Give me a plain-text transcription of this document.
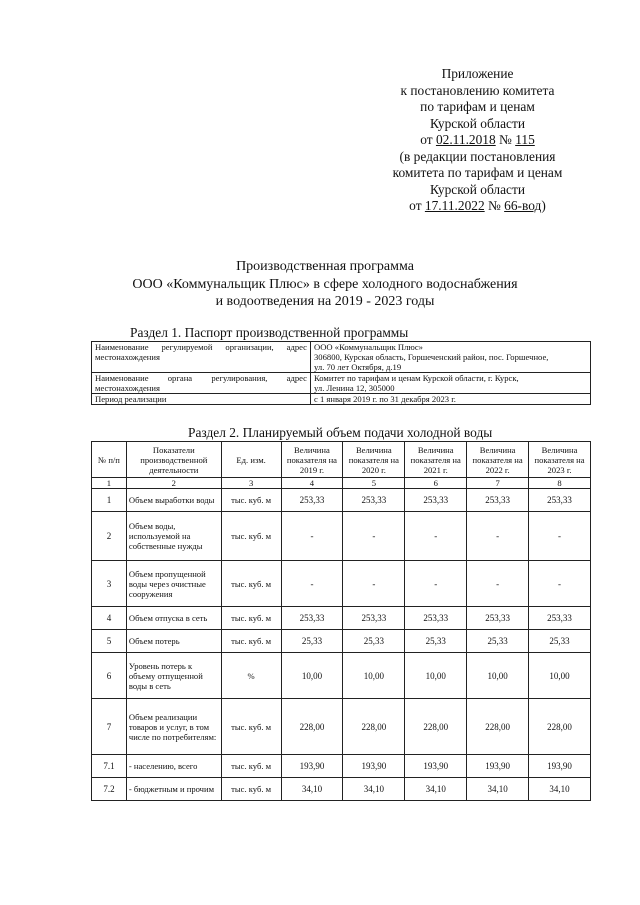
Приложение
к постановлению комитета
по тарифам и ценам
Курской области
от 02.11.2018 № 115
(в редакции постановления
комитета по тарифам и ценам
Курской области
от 17.11.2022 № 66-вод)
Производственная программа
ООО «Коммунальщик Плюс» в сфере холодного водоснабжения
и водоотведения на 2019 - 2023 годы
Раздел 1. Паспорт производственной программы
Наименование регулируемой организации, адрес местонахождения	ООО «Коммунальщик Плюс»
306800, Курская область, Горшеченский район, пос. Горшечное,
ул. 70 лет Октября, д.19

Наименование органа регулирования, адрес местонахождения	Комитет по тарифам и ценам Курской области, г. Курск,
ул. Ленина 12, 305000

Период реализации	с 1 января 2019 г. по 31 декабря 2023 г.
Раздел 2. Планируемый объем подачи холодной воды
№ п/п	Показатели производственной деятельности	Ед. изм.	Величина показателя на 2019 г.	Величина показателя на 2020 г.	Величина показателя на 2021 г.	Величина показателя на 2022 г.	Величина показателя на 2023 г.
1	2	3	4	5	6	7	8
1	Объем выработки воды	тыс. куб. м	253,33	253,33	253,33	253,33	253,33
2	Объем воды, используемой на собственные нужды	тыс. куб. м	-	-	-	-	-
3	Объем пропущенной воды через очистные сооружения	тыс. куб. м	-	-	-	-	-
4	Объем отпуска в сеть	тыс. куб. м	253,33	253,33	253,33	253,33	253,33
5	Объем потерь	тыс. куб. м	25,33	25,33	25,33	25,33	25,33
6	Уровень потерь к объему отпущенной воды в сеть	%	10,00	10,00	10,00	10,00	10,00
7	Объем реализации товаров и услуг, в том числе по потребителям:	тыс. куб. м	228,00	228,00	228,00	228,00	228,00
7.1	- населению, всего	тыс. куб. м	193,90	193,90	193,90	193,90	193,90
7.2	- бюджетным и прочим	тыс. куб. м	34,10	34,10	34,10	34,10	34,10
